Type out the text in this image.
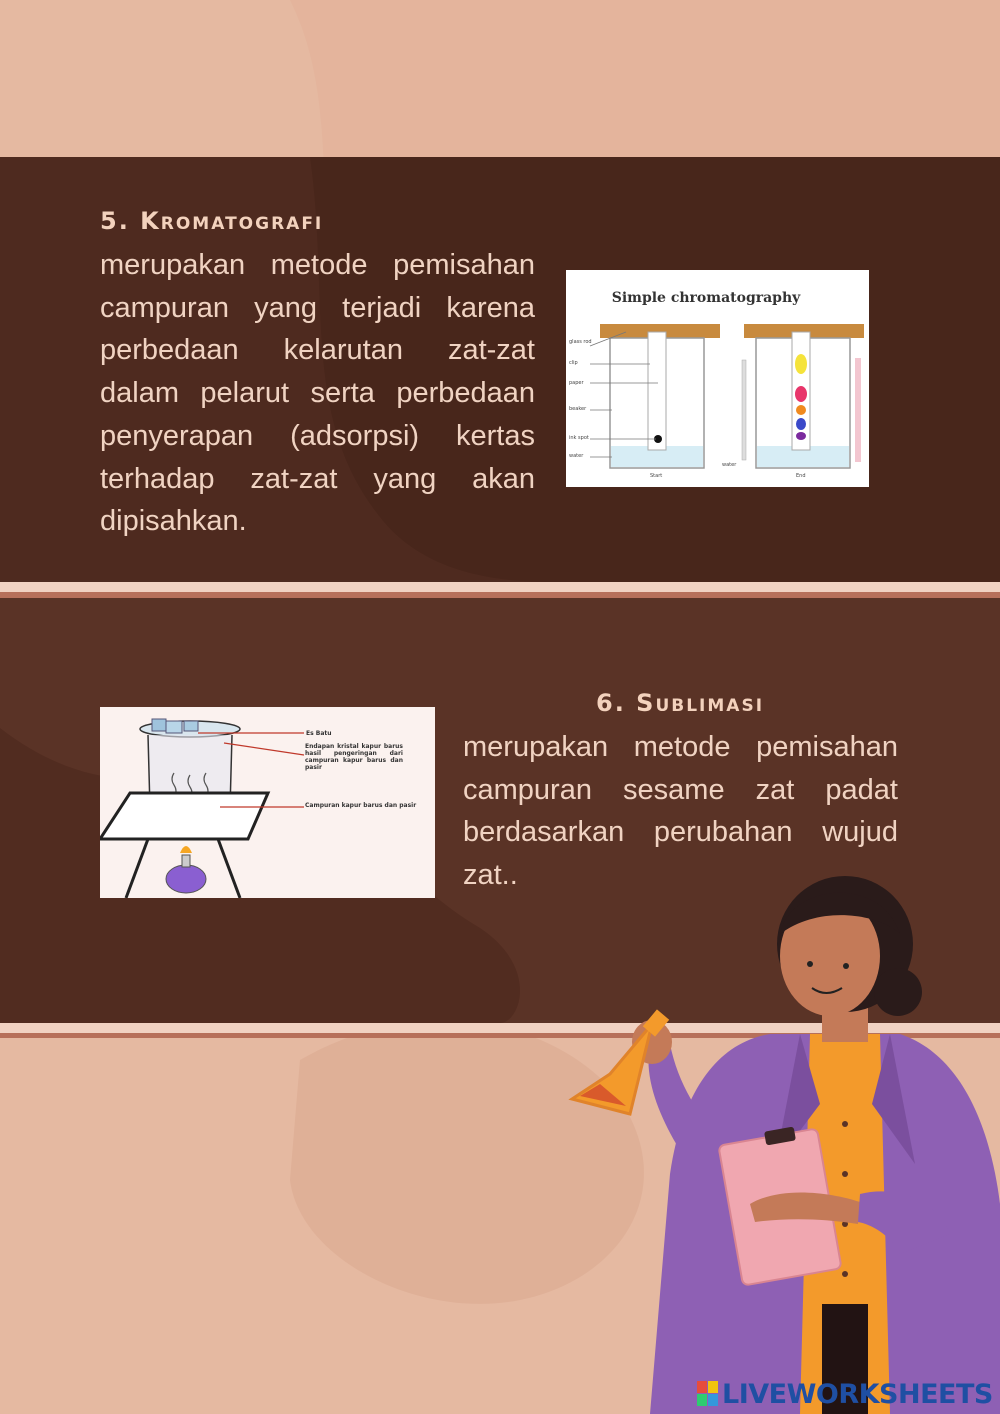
5. Kromatografi

merupakan metode pemisahan campuran yang terjadi karena perbedaan kelarutan zat-zat dalam pelarut serta perbedaan penyerapan (adsorpsi) kertas terhadap zat-zat yang akan dipisahkan.

Simple chromatography
glass rod
clip
paper
beaker
ink spot
water
Start
water
End
6. Sublimasi

merupakan metode pemisahan campuran sesame zat padat berdasarkan perubahan wujud zat..

Es Batu
Endapan kristal kapur barus hasil pengeringan dari campuran kapur barus dan pasir
Campuran kapur barus dan pasir
LIVEWORKSHEETS
